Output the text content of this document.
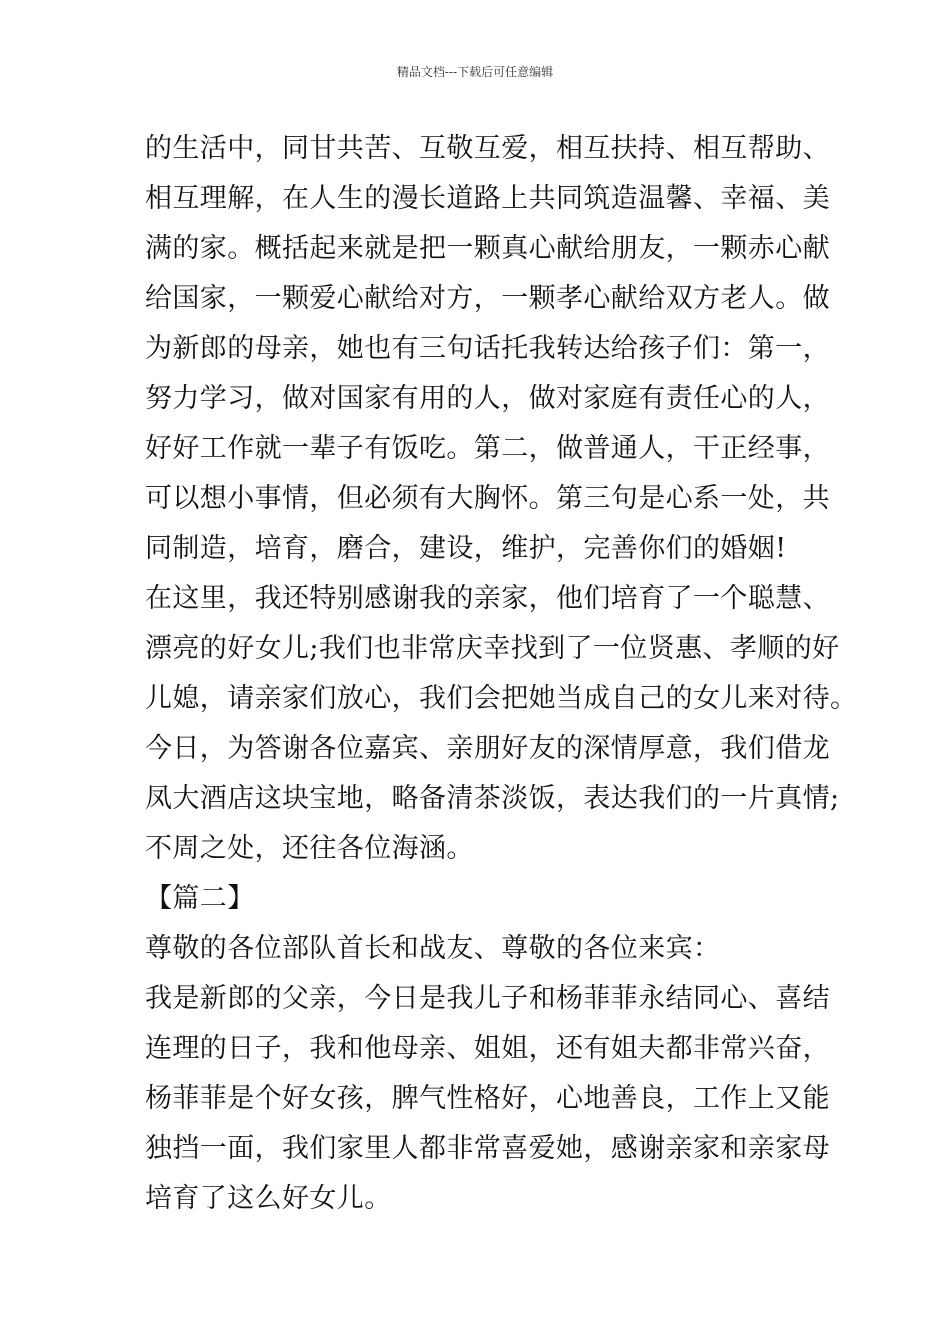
精品文档---下载后可任意编辑
的生活中，同甘共苦、互敬互爱，相互扶持、相互帮助、
相互理解，在人生的漫长道路上共同筑造温馨、幸福、美
满的家。概括起来就是把一颗真心献给朋友，一颗赤心献
给国家，一颗爱心献给对方，一颗孝心献给双方老人。做
为新郎的母亲，她也有三句话托我转达给孩子们：第一，
努力学习，做对国家有用的人，做对家庭有责任心的人，
好好工作就一辈子有饭吃。第二，做普通人，干正经事，
可以想小事情，但必须有大胸怀。第三句是心系一处，共
同制造，培育，磨合，建设，维护，完善你们的婚姻!
在这里，我还特别感谢我的亲家，他们培育了一个聪慧、
漂亮的好女儿;我们也非常庆幸找到了一位贤惠、孝顺的好
儿媳，请亲家们放心，我们会把她当成自己的女儿来对待。
今日，为答谢各位嘉宾、亲朋好友的深情厚意，我们借龙
凤大酒店这块宝地，略备清茶淡饭，表达我们的一片真情;
不周之处，还往各位海涵。
【篇二】
尊敬的各位部队首长和战友、尊敬的各位来宾：
我是新郎的父亲，今日是我儿子和杨菲菲永结同心、喜结
连理的日子，我和他母亲、姐姐，还有姐夫都非常兴奋，
杨菲菲是个好女孩，脾气性格好，心地善良，工作上又能
独挡一面，我们家里人都非常喜爱她，感谢亲家和亲家母
培育了这么好女儿。
